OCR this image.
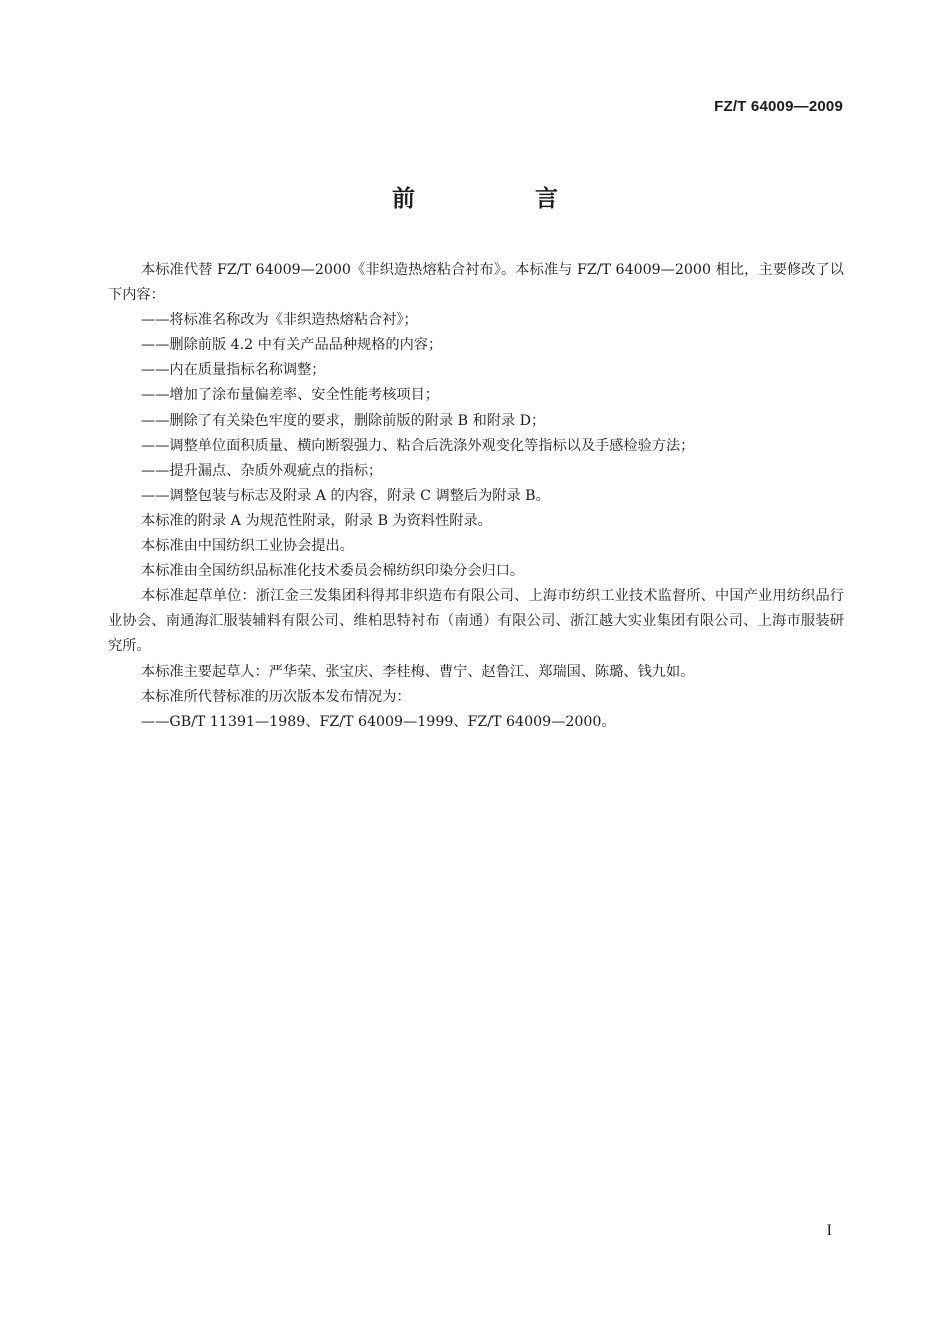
FZ/T 64009—2009
前 言

本标准代替 FZ/T 64009—2000《非织造热熔粘合衬布》。本标准与 FZ/T 64009—2000 相比，主要修改了以下内容：

——将标准名称改为《非织造热熔粘合衬》；

——删除前版 4.2 中有关产品品种规格的内容；

——内在质量指标名称调整；

——增加了涂布量偏差率、安全性能考核项目；

——删除了有关染色牢度的要求，删除前版的附录 B 和附录 D；

——调整单位面积质量、横向断裂强力、粘合后洗涤外观变化等指标以及手感检验方法；

——提升漏点、杂质外观疵点的指标；

——调整包装与标志及附录 A 的内容，附录 C 调整后为附录 B。

本标准的附录 A 为规范性附录，附录 B 为资料性附录。

本标准由中国纺织工业协会提出。

本标准由全国纺织品标准化技术委员会棉纺织印染分会归口。

本标准起草单位：浙江金三发集团科得邦非织造布有限公司、上海市纺织工业技术监督所、中国产业用纺织品行业协会、南通海汇服装辅料有限公司、维柏思特衬布（南通）有限公司、浙江越大实业集团有限公司、上海市服装研究所。

本标准主要起草人：严华荣、张宝庆、李桂梅、曹宁、赵鲁江、郑瑞国、陈璐、钱九如。

本标准所代替标准的历次版本发布情况为：

——GB/T 11391—1989、FZ/T 64009—1999、FZ/T 64009—2000。

I
